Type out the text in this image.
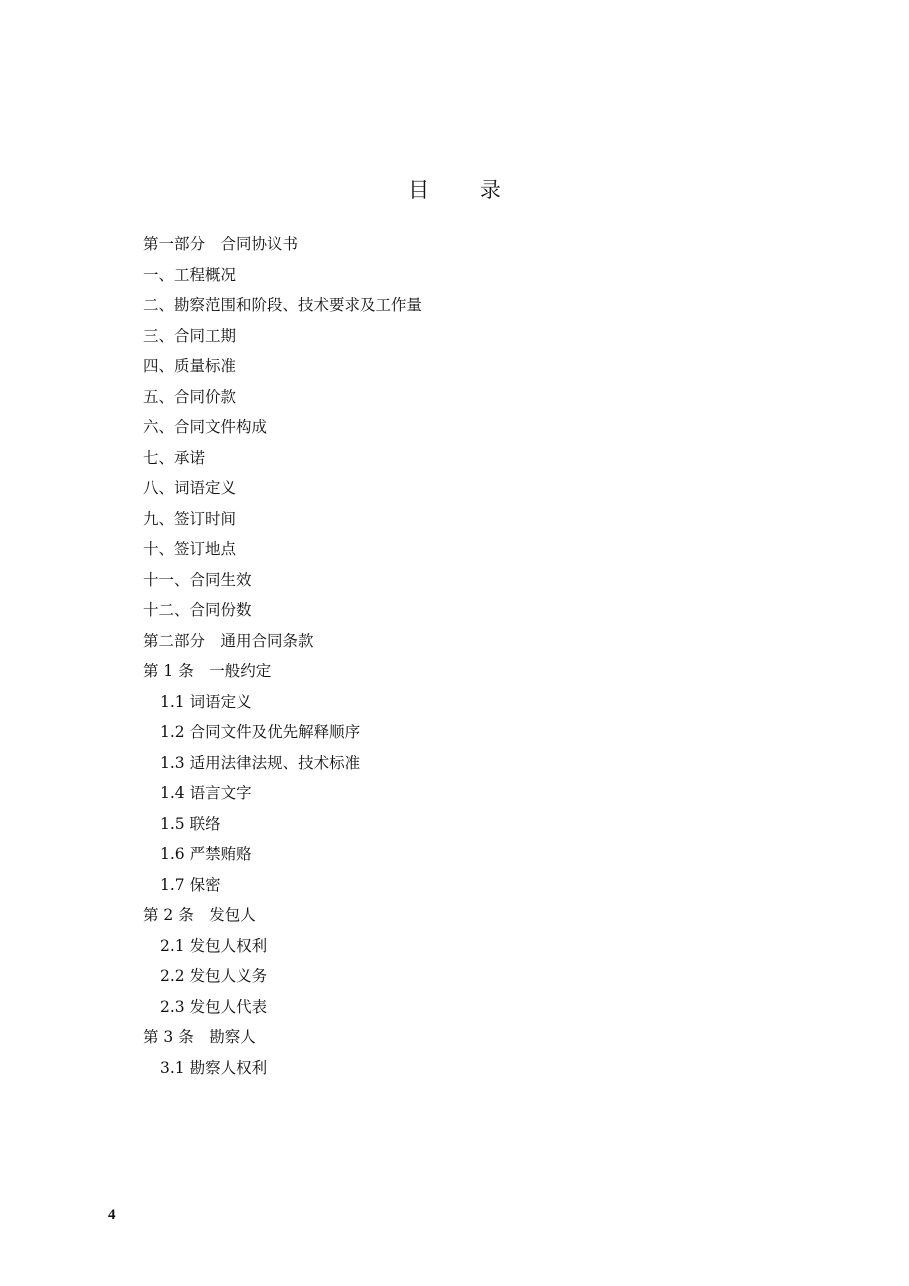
目 录
第一部分　合同协议书
一、工程概况
二、勘察范围和阶段、技术要求及工作量
三、合同工期
四、质量标准
五、合同价款
六、合同文件构成
七、承诺
八、词语定义
九、签订时间
十、签订地点
十一、合同生效
十二、合同份数
第二部分　通用合同条款
第 1 条　一般约定
1.1 词语定义
1.2 合同文件及优先解释顺序
1.3 适用法律法规、技术标准
1.4 语言文字
1.5 联络
1.6 严禁贿赂
1.7 保密
第 2 条　发包人
2.1 发包人权利
2.2 发包人义务
2.3 发包人代表
第 3 条　勘察人
3.1 勘察人权利
4
